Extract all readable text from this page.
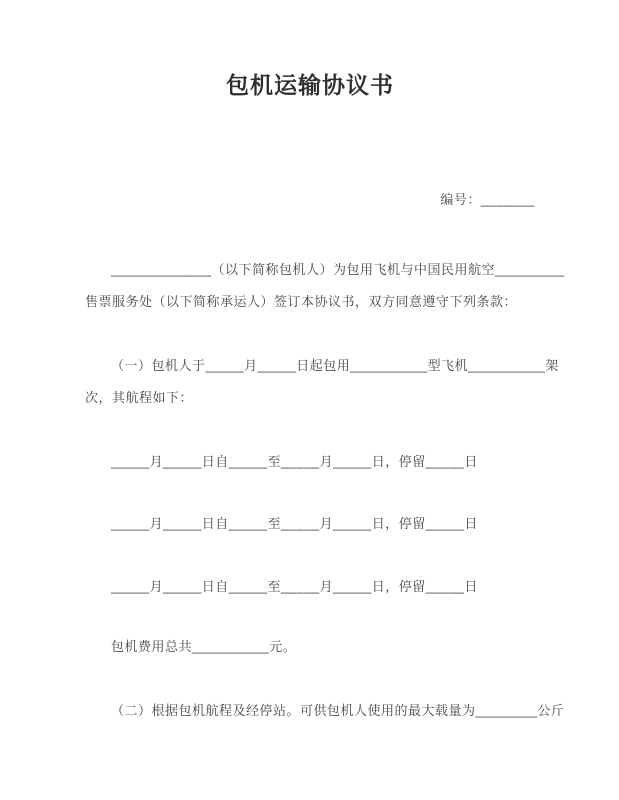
包机运输协议书
编号：_______
_____________（以下简称包机人）为包用飞机与中国民用航空_________
售票服务处（以下简称承运人）签订本协议书，双方同意遵守下列条款：
（一）包机人于_____月_____日起包用__________型飞机__________架
次，其航程如下：
_____月_____日自_____至_____月_____日，停留_____日
_____月_____日自_____至_____月_____日，停留_____日
_____月_____日自_____至_____月_____日，停留_____日
包机费用总共__________元。
（二）根据包机航程及经停站。可供包机人使用的最大载量为________公斤
